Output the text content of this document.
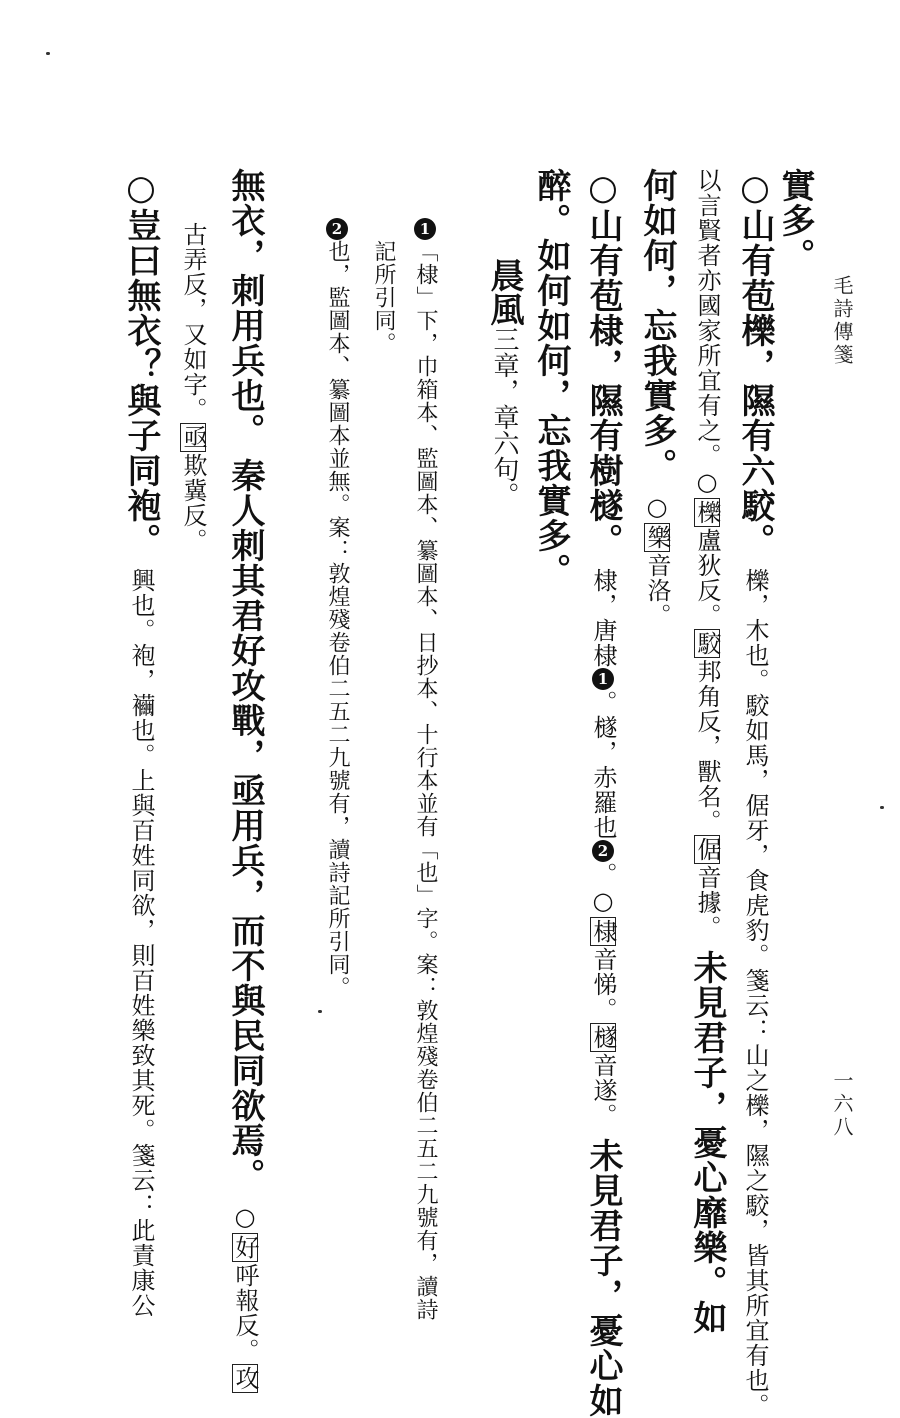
毛詩傳箋
一六八
實多。
○山有苞櫟，隰有六駮。櫟，木也。駮如馬，倨牙，食虎豹。箋云：山之櫟，隰之駮，皆其所宜有也。
以言賢者亦國家所宜有之。○櫟盧狄反。駮邦角反，獸名。倨音據。未見君子，憂心靡樂。如
何如何，忘我實多。○樂音洛。
○山有苞棣，隰有樹檖。棣，唐棣1。檖，赤羅也2。○棣音悌。檖音遂。未見君子，憂心如
醉。如何如何，忘我實多。
晨風三章，章六句。
1「棣」下，巾箱本、監圖本、纂圖本、日抄本、十行本並有「也」字。案：敦煌殘卷伯二五二九號有，讀詩
記所引同。
2也，監圖本、纂圖本並無。案：敦煌殘卷伯二五二九號有，讀詩記所引同。
無衣，刺用兵也。秦人刺其君好攻戰，亟用兵，而不與民同欲焉。○好呼報反。攻
古弄反，又如字。亟欺冀反。
○豈曰無衣？與子同袍。興也。袍，襺也。上與百姓同欲，則百姓樂致其死。箋云：此責康公
